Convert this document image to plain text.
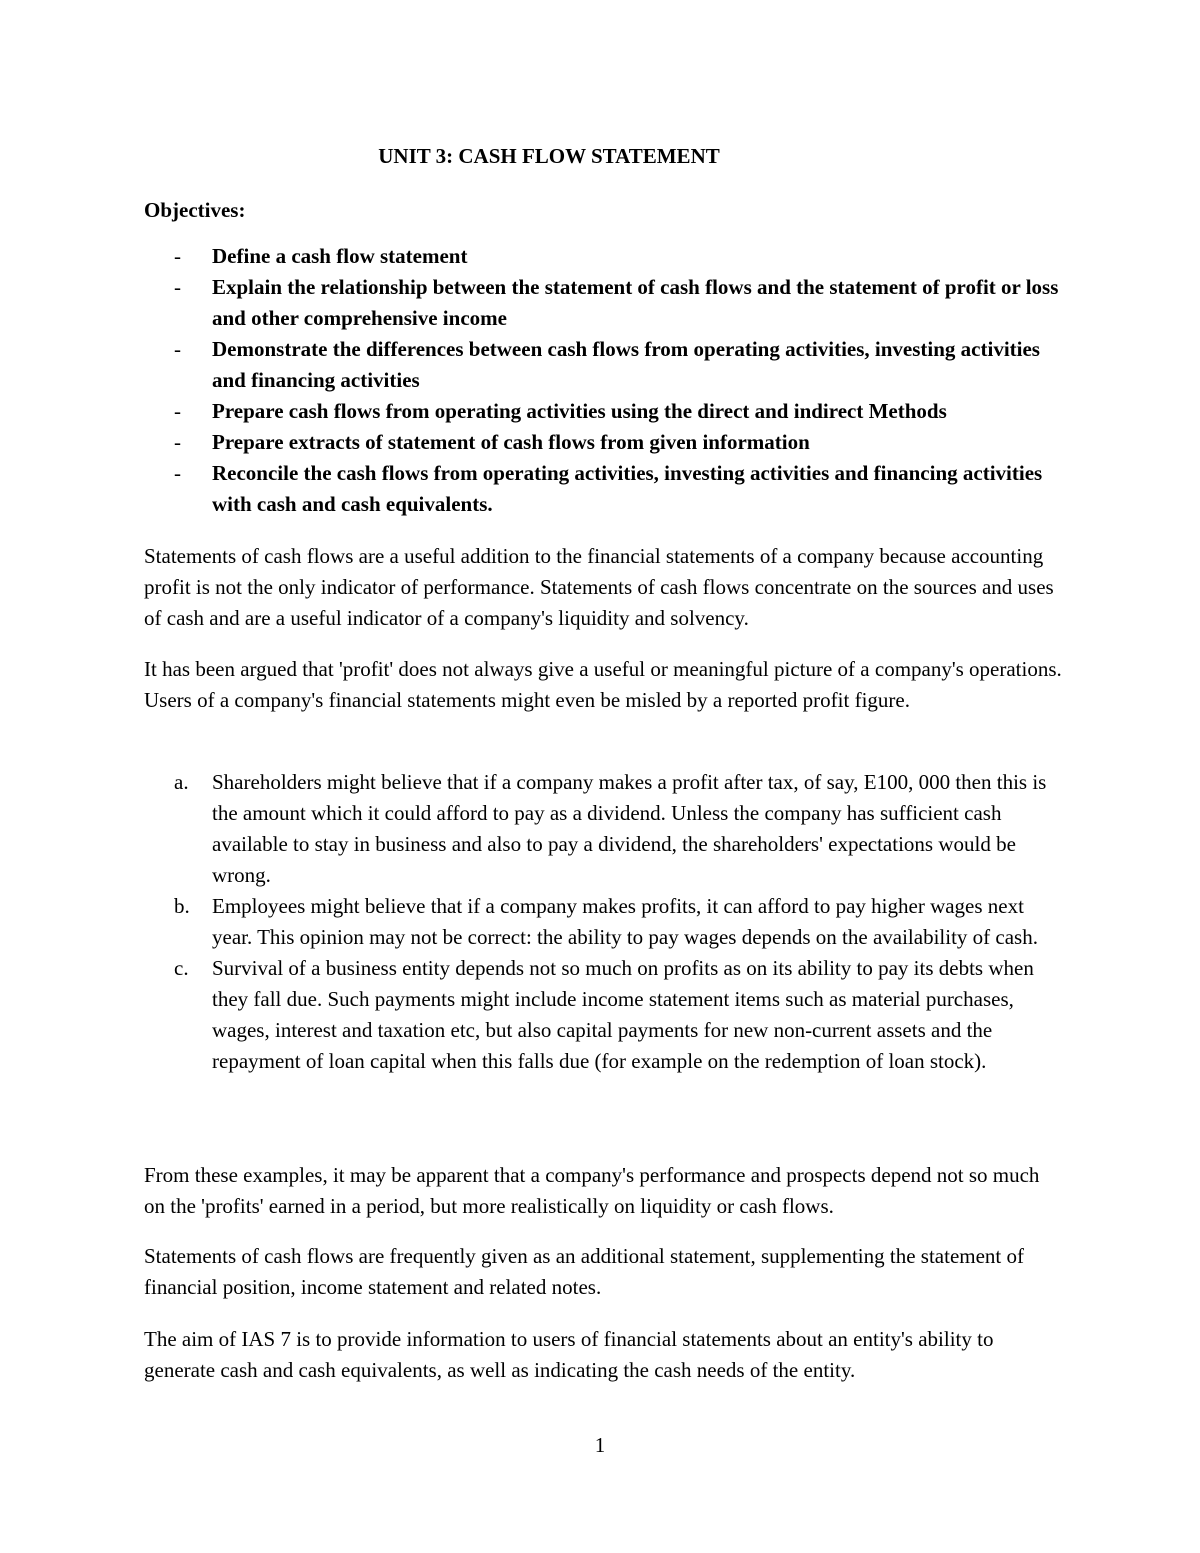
UNIT 3: CASH FLOW STATEMENT
Objectives:
- Define a cash flow statement
- Explain the relationship between the statement of cash flows and the statement of profit or loss and other comprehensive income
- Demonstrate the differences between cash flows from operating activities, investing activities and financing activities
- Prepare cash flows from operating activities using the direct and indirect Methods
- Prepare extracts of statement of cash flows from given information
- Reconcile the cash flows from operating activities, investing activities and financing activities with cash and cash equivalents.

Statements of cash flows are a useful addition to the financial statements of a company because accounting profit is not the only indicator of performance. Statements of cash flows concentrate on the sources and uses of cash and are a useful indicator of a company's liquidity and solvency.

It has been argued that 'profit' does not always give a useful or meaningful picture of a company's operations. Users of a company's financial statements might even be misled by a reported profit figure.

a. Shareholders might believe that if a company makes a profit after tax, of say, E100, 000 then this is the amount which it could afford to pay as a dividend. Unless the company has sufficient cash available to stay in business and also to pay a dividend, the shareholders' expectations would be wrong.
b. Employees might believe that if a company makes profits, it can afford to pay higher wages next year. This opinion may not be correct: the ability to pay wages depends on the availability of cash.
c. Survival of a business entity depends not so much on profits as on its ability to pay its debts when they fall due. Such payments might include income statement items such as material purchases, wages, interest and taxation etc, but also capital payments for new non-current assets and the repayment of loan capital when this falls due (for example on the redemption of loan stock).

From these examples, it may be apparent that a company's performance and prospects depend not so much on the 'profits' earned in a period, but more realistically on liquidity or cash flows.

Statements of cash flows are frequently given as an additional statement, supplementing the statement of financial position, income statement and related notes.

The aim of IAS 7 is to provide information to users of financial statements about an entity's ability to generate cash and cash equivalents, as well as indicating the cash needs of the entity.

1
